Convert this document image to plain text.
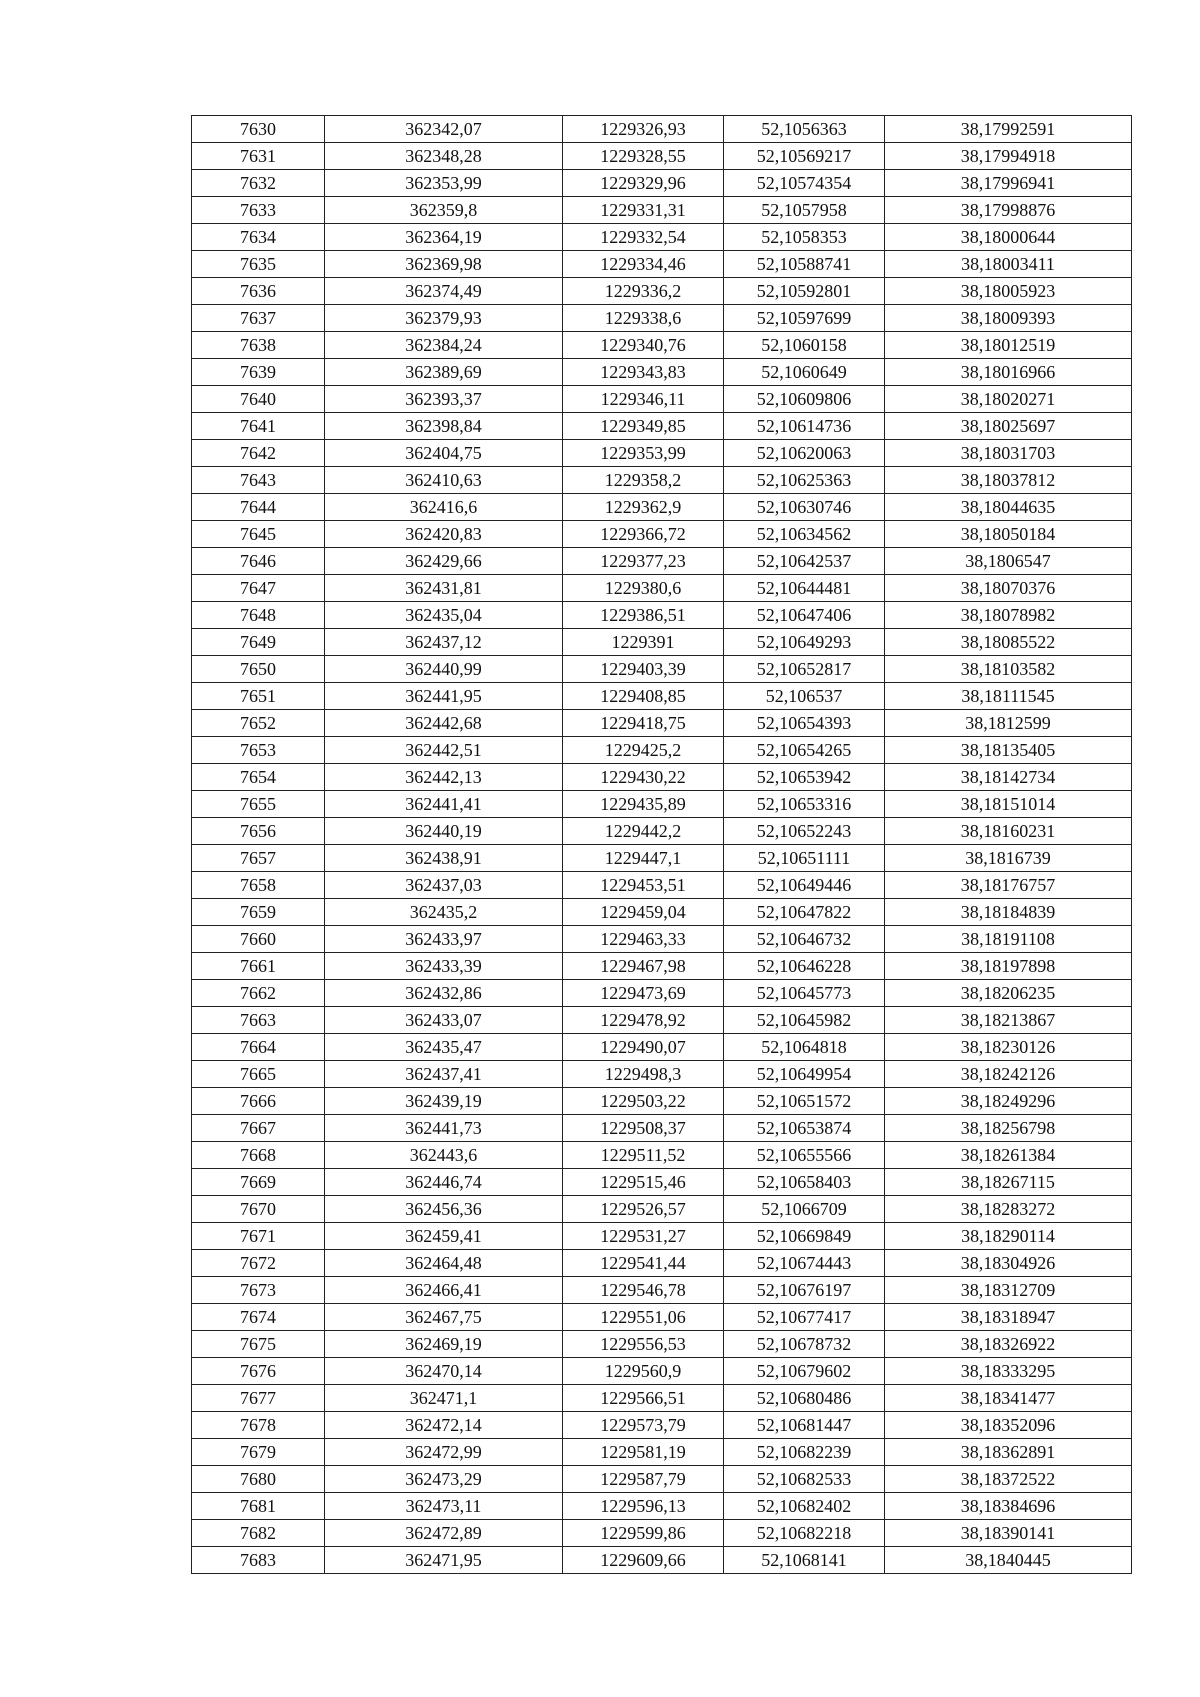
7630	362342,07	1229326,93	52,1056363	38,17992591
7631	362348,28	1229328,55	52,10569217	38,17994918
7632	362353,99	1229329,96	52,10574354	38,17996941
7633	362359,8	1229331,31	52,1057958	38,17998876
7634	362364,19	1229332,54	52,1058353	38,18000644
7635	362369,98	1229334,46	52,10588741	38,18003411
7636	362374,49	1229336,2	52,10592801	38,18005923
7637	362379,93	1229338,6	52,10597699	38,18009393
7638	362384,24	1229340,76	52,1060158	38,18012519
7639	362389,69	1229343,83	52,1060649	38,18016966
7640	362393,37	1229346,11	52,10609806	38,18020271
7641	362398,84	1229349,85	52,10614736	38,18025697
7642	362404,75	1229353,99	52,10620063	38,18031703
7643	362410,63	1229358,2	52,10625363	38,18037812
7644	362416,6	1229362,9	52,10630746	38,18044635
7645	362420,83	1229366,72	52,10634562	38,18050184
7646	362429,66	1229377,23	52,10642537	38,1806547
7647	362431,81	1229380,6	52,10644481	38,18070376
7648	362435,04	1229386,51	52,10647406	38,18078982
7649	362437,12	1229391	52,10649293	38,18085522
7650	362440,99	1229403,39	52,10652817	38,18103582
7651	362441,95	1229408,85	52,106537	38,18111545
7652	362442,68	1229418,75	52,10654393	38,1812599
7653	362442,51	1229425,2	52,10654265	38,18135405
7654	362442,13	1229430,22	52,10653942	38,18142734
7655	362441,41	1229435,89	52,10653316	38,18151014
7656	362440,19	1229442,2	52,10652243	38,18160231
7657	362438,91	1229447,1	52,10651111	38,1816739
7658	362437,03	1229453,51	52,10649446	38,18176757
7659	362435,2	1229459,04	52,10647822	38,18184839
7660	362433,97	1229463,33	52,10646732	38,18191108
7661	362433,39	1229467,98	52,10646228	38,18197898
7662	362432,86	1229473,69	52,10645773	38,18206235
7663	362433,07	1229478,92	52,10645982	38,18213867
7664	362435,47	1229490,07	52,1064818	38,18230126
7665	362437,41	1229498,3	52,10649954	38,18242126
7666	362439,19	1229503,22	52,10651572	38,18249296
7667	362441,73	1229508,37	52,10653874	38,18256798
7668	362443,6	1229511,52	52,10655566	38,18261384
7669	362446,74	1229515,46	52,10658403	38,18267115
7670	362456,36	1229526,57	52,1066709	38,18283272
7671	362459,41	1229531,27	52,10669849	38,18290114
7672	362464,48	1229541,44	52,10674443	38,18304926
7673	362466,41	1229546,78	52,10676197	38,18312709
7674	362467,75	1229551,06	52,10677417	38,18318947
7675	362469,19	1229556,53	52,10678732	38,18326922
7676	362470,14	1229560,9	52,10679602	38,18333295
7677	362471,1	1229566,51	52,10680486	38,18341477
7678	362472,14	1229573,79	52,10681447	38,18352096
7679	362472,99	1229581,19	52,10682239	38,18362891
7680	362473,29	1229587,79	52,10682533	38,18372522
7681	362473,11	1229596,13	52,10682402	38,18384696
7682	362472,89	1229599,86	52,10682218	38,18390141
7683	362471,95	1229609,66	52,1068141	38,1840445
